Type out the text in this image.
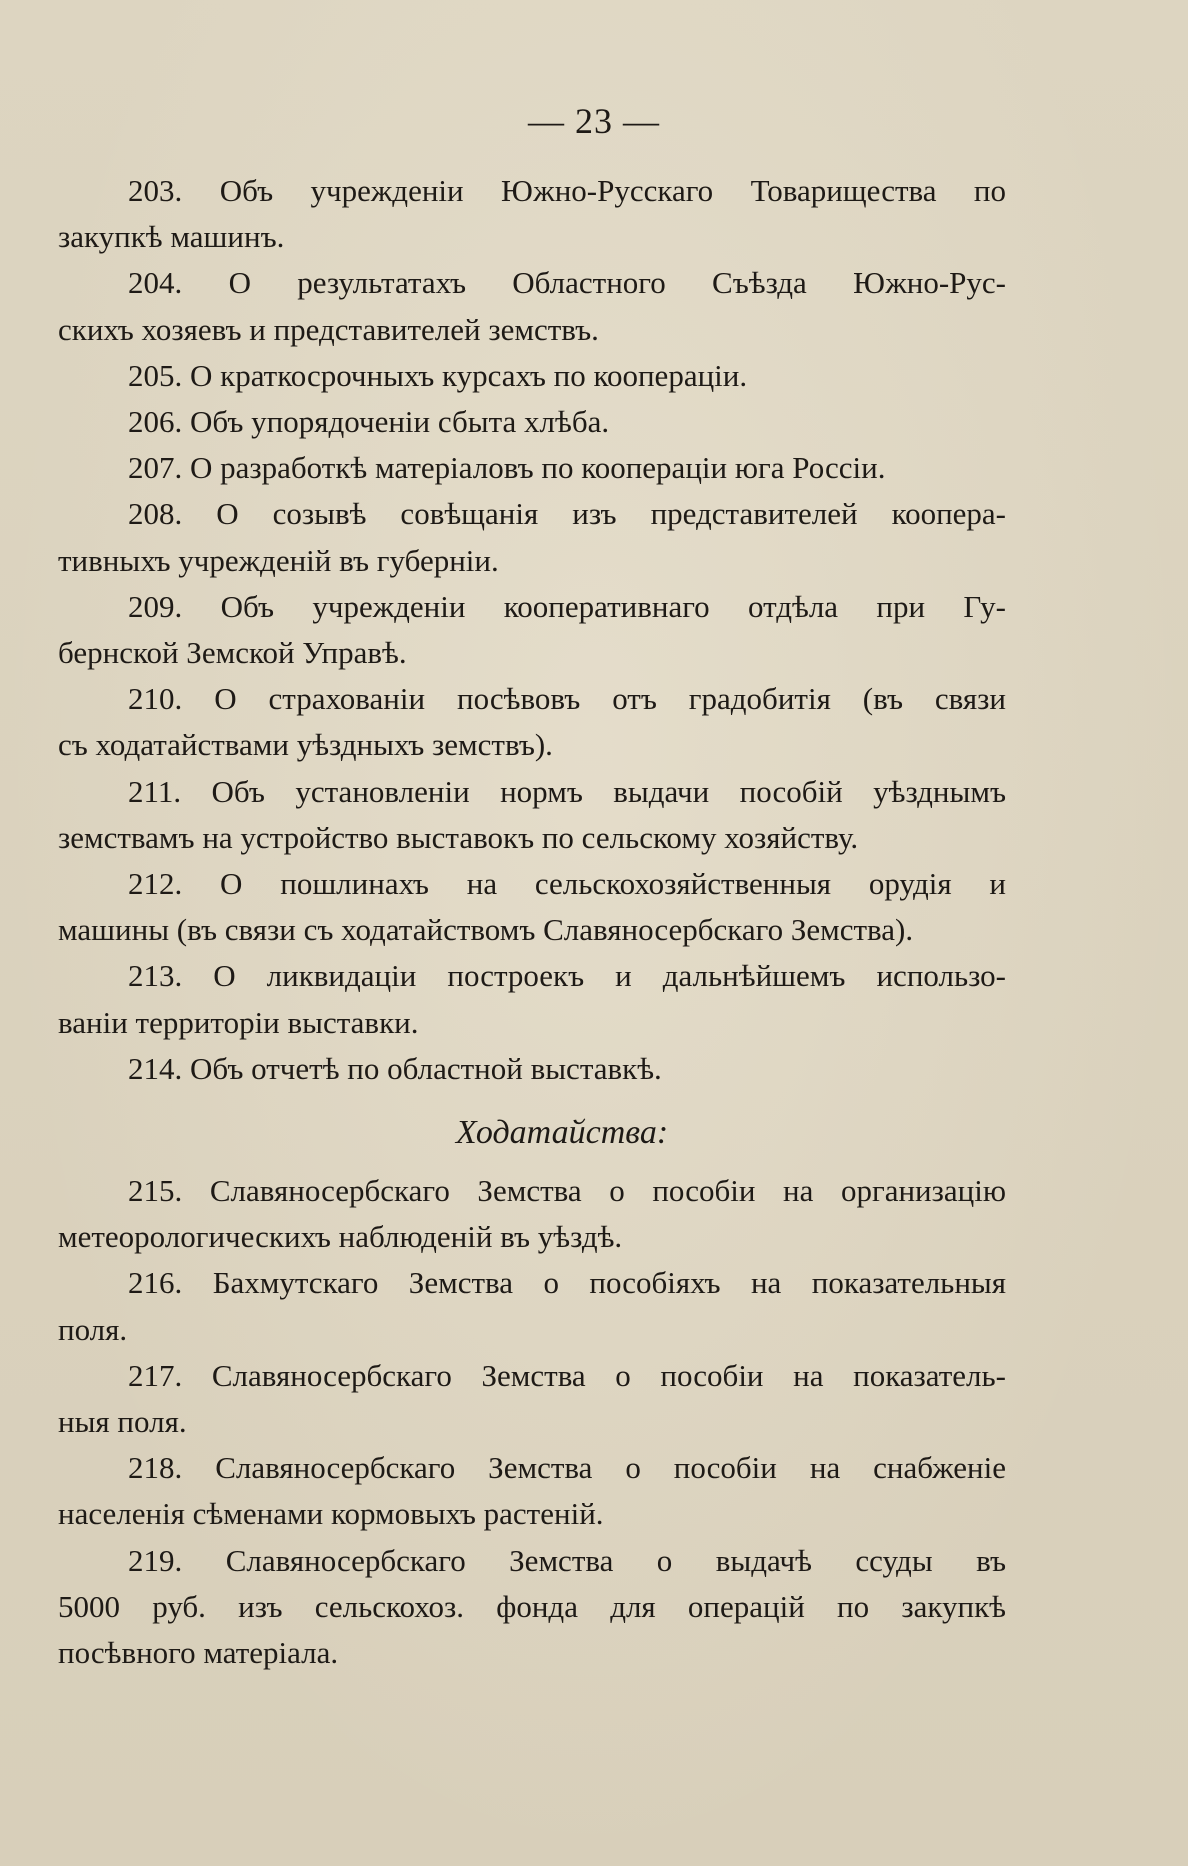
— 23 —
203. Объ учрежденіи Южно-Русскаго Товарищества по
закупкѣ машинъ.
204. О результатахъ Областного Съѣзда Южно-Рус-
скихъ хозяевъ и представителей земствъ.
205. О краткосрочныхъ курсахъ по коопераціи.
206. Объ упорядоченіи сбыта хлѣба.
207. О разработкѣ матеріаловъ по коопераціи юга Россіи.
208. О созывѣ совѣщанія изъ представителей коопера-
тивныхъ учрежденій въ губерніи.
209. Объ учрежденіи кооперативнаго отдѣла при Гу-
бернской Земской Управѣ.
210. О страхованіи посѣвовъ отъ градобитія (въ связи
съ ходатайствами уѣздныхъ земствъ).
211. Объ установленіи нормъ выдачи пособій уѣзднымъ
земствамъ на устройство выставокъ по сельскому хозяйству.
212. О пошлинахъ на сельскохозяйственныя орудія и
машины (въ связи съ ходатайствомъ Славяносербскаго Земства).
213. О ликвидаціи построекъ и дальнѣйшемъ использо-
ваніи территоріи выставки.
214. Объ отчетѣ по областной выставкѣ.
Ходатайства:
215. Славяносербскаго Земства о пособіи на организацію
метеорологическихъ наблюденій въ уѣздѣ.
216. Бахмутскаго Земства о пособіяхъ на показательныя
поля.
217. Славяносербскаго Земства о пособіи на показатель-
ныя поля.
218. Славяносербскаго Земства о пособіи на снабженіе
населенія сѣменами кормовыхъ растеній.
219. Славяносербскаго Земства о выдачѣ ссуды въ
5000 руб. изъ сельскохоз. фонда для операцій по закупкѣ
посѣвного матеріала.
